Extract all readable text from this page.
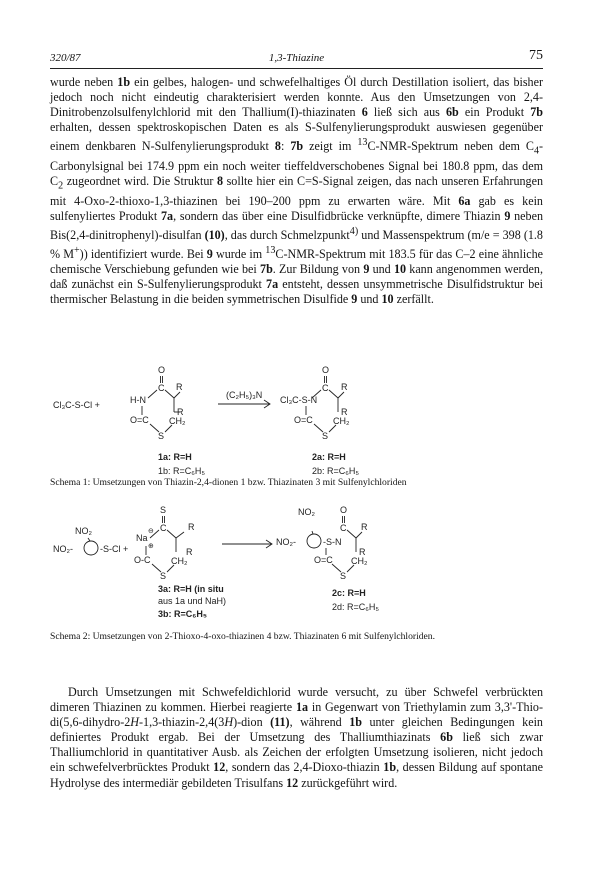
320/87	1,3-Thiazine	75
wurde neben 1b ein gelbes, halogen- und schwefelhaltiges Öl durch Destillation isoliert, das bisher jedoch noch nicht eindeutig charakterisiert werden konnte. Aus den Umsetzungen von 2,4-Dinitrobenzolsulfenylchlorid mit den Thallium(I)-thiazinaten 6 ließ sich aus 6b ein Produkt 7b erhalten, dessen spektroskopischen Daten es als S-Sulfenylierungsprodukt auswiesen gegenüber einem denkbaren N-Sulfenylierungsprodukt 8: 7b zeigt im $^{13}$C-NMR-Spektrum neben dem $C_4$-Carbonylsignal bei 174.9 ppm ein noch weiter tieffeldverschobenes Signal bei 180.8 ppm, das dem $C_2$ zugeordnet wird. Die Struktur 8 sollte hier ein C=S-Signal zeigen, das nach unseren Erfahrungen mit 4-Oxo-2-thioxo-1,3-thiazinen bei 190–200 ppm zu erwarten wäre. Mit 6a gab es kein sulfenyliertes Produkt 7a, sondern das über eine Disulfidbrücke verknüpfte, dimere Thiazin 9 neben Bis(2,4-dinitrophenyl)-disulfan (10), das durch Schmelzpunkt$^{4)}$ und Massenspektrum (m/e = 398 (1.8 % M+)) identifiziert wurde. Bei 9 wurde im $^{13}$C-NMR-Spektrum mit 183.5 für das C–2 eine ähnliche chemische Verschiebung gefunden wie bei 7b. Zur Bildung von 9 und 10 kann angenommen werden, daß zunächst ein S-Sulfenylierungsprodukt 7a entsteht, dessen unsymmetrische Disulfidstruktur bei thermischer Belastung in die beiden symmetrischen Disulfide 9 und 10 zerfällt.
Cl₃C-S-Cl +
O
C
H-N
R
R
O=C
S
CH₂
1a: R=H
1b: R=C₆H₅
(C₂H₅)₃N
O
C
Cl₃C-S-N
R
R
O=C
S
CH₂
2a: R=H
2b: R=C₆H₅
Schema 1: Umsetzungen von Thiazin-2,4-dionen 1 bzw. Thiazinaten 3 mit Sulfenylchloriden
NO₂
NO₂-	-S-Cl +
S
C
Na
⊖
⊕
R
R
O-C
S
CH₂
3a: R=H (in situ
aus 1a und NaH)
3b: R=C₆H₅
NO₂
NO₂-	-S-N
O
C R
R
O=C
S
CH₂
2c: R=H
2d: R=C₆H₅
Schema 2: Umsetzungen von 2-Thioxo-4-oxo-thiazinen 4 bzw. Thiazinaten 6 mit Sulfenylchloriden.
Durch Umsetzungen mit Schwefeldichlorid wurde versucht, zu über Schwefel verbrückten dimeren Thiazinen zu kommen. Hierbei reagierte 1a in Gegenwart von Triethylamin zum 3,3'-Thio-di(5,6-dihydro-2H-1,3-thiazin-2,4(3H)-dion (11), während 1b unter gleichen Bedingungen kein definiertes Produkt ergab. Bei der Umsetzung des Thalliumthiazinats 6b ließ sich zwar Thalliumchlorid in quantitativer Ausb. als Zeichen der erfolgten Umsetzung isolieren, nicht jedoch ein schwefelverbrücktes Produkt 12, sondern das 2,4-Dioxo-thiazin 1b, dessen Bildung auf spontane Hydrolyse des intermediär gebildeten Trisulfans 12 zurückgeführt wird.
